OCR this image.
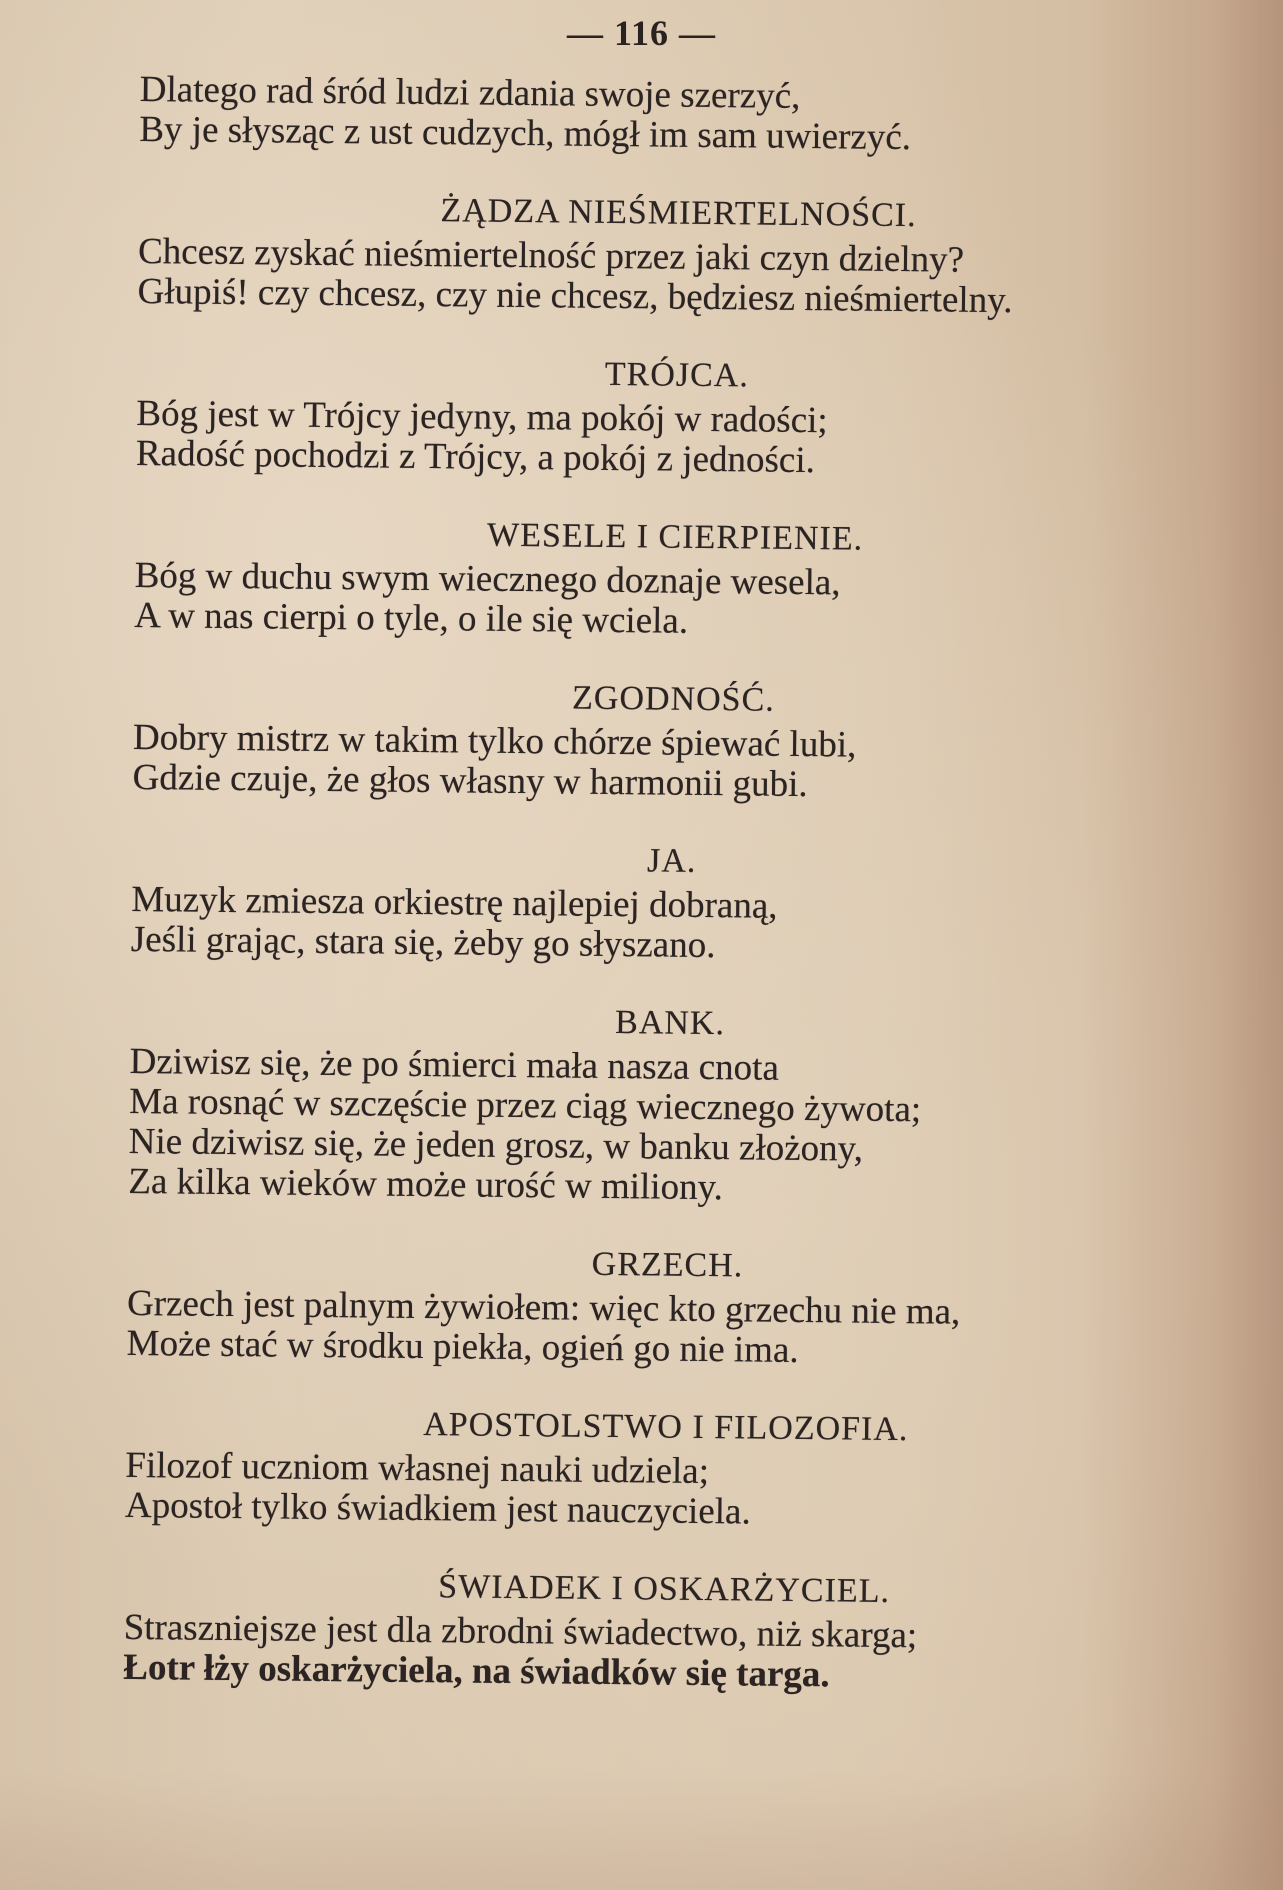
— 116 —
Dlatego rad śród ludzi zdania swoje szerzyć,
By je słysząc z ust cudzych, mógł im sam uwierzyć.
ŻĄDZA NIEŚMIERTELNOŚCI.
Chcesz zyskać nieśmiertelność przez jaki czyn dzielny?
Głupiś! czy chcesz, czy nie chcesz, będziesz nieśmiertelny.
TRÓJCA.
Bóg jest w Trójcy jedyny, ma pokój w radości;
Radość pochodzi z Trójcy, a pokój z jedności.
WESELE I CIERPIENIE.
Bóg w duchu swym wiecznego doznaje wesela,
A w nas cierpi o tyle, o ile się wciela.
ZGODNOŚĆ.
Dobry mistrz w takim tylko chórze śpiewać lubi,
Gdzie czuje, że głos własny w harmonii gubi.
JA.
Muzyk zmiesza orkiestrę najlepiej dobraną,
Jeśli grając, stara się, żeby go słyszano.
BANK.
Dziwisz się, że po śmierci mała nasza cnota
Ma rosnąć w szczęście przez ciąg wiecznego żywota;
Nie dziwisz się, że jeden grosz, w banku złożony,
Za kilka wieków może urość w miliony.
GRZECH.
Grzech jest palnym żywiołem: więc kto grzechu nie ma,
Może stać w środku piekła, ogień go nie ima.
APOSTOLSTWO I FILOZOFIA.
Filozof uczniom własnej nauki udziela;
Apostoł tylko świadkiem jest nauczyciela.
ŚWIADEK I OSKARŻYCIEL.
Straszniejsze jest dla zbrodni świadectwo, niż skarga;
Łotr łży oskarżyciela, na świadków się targa.
